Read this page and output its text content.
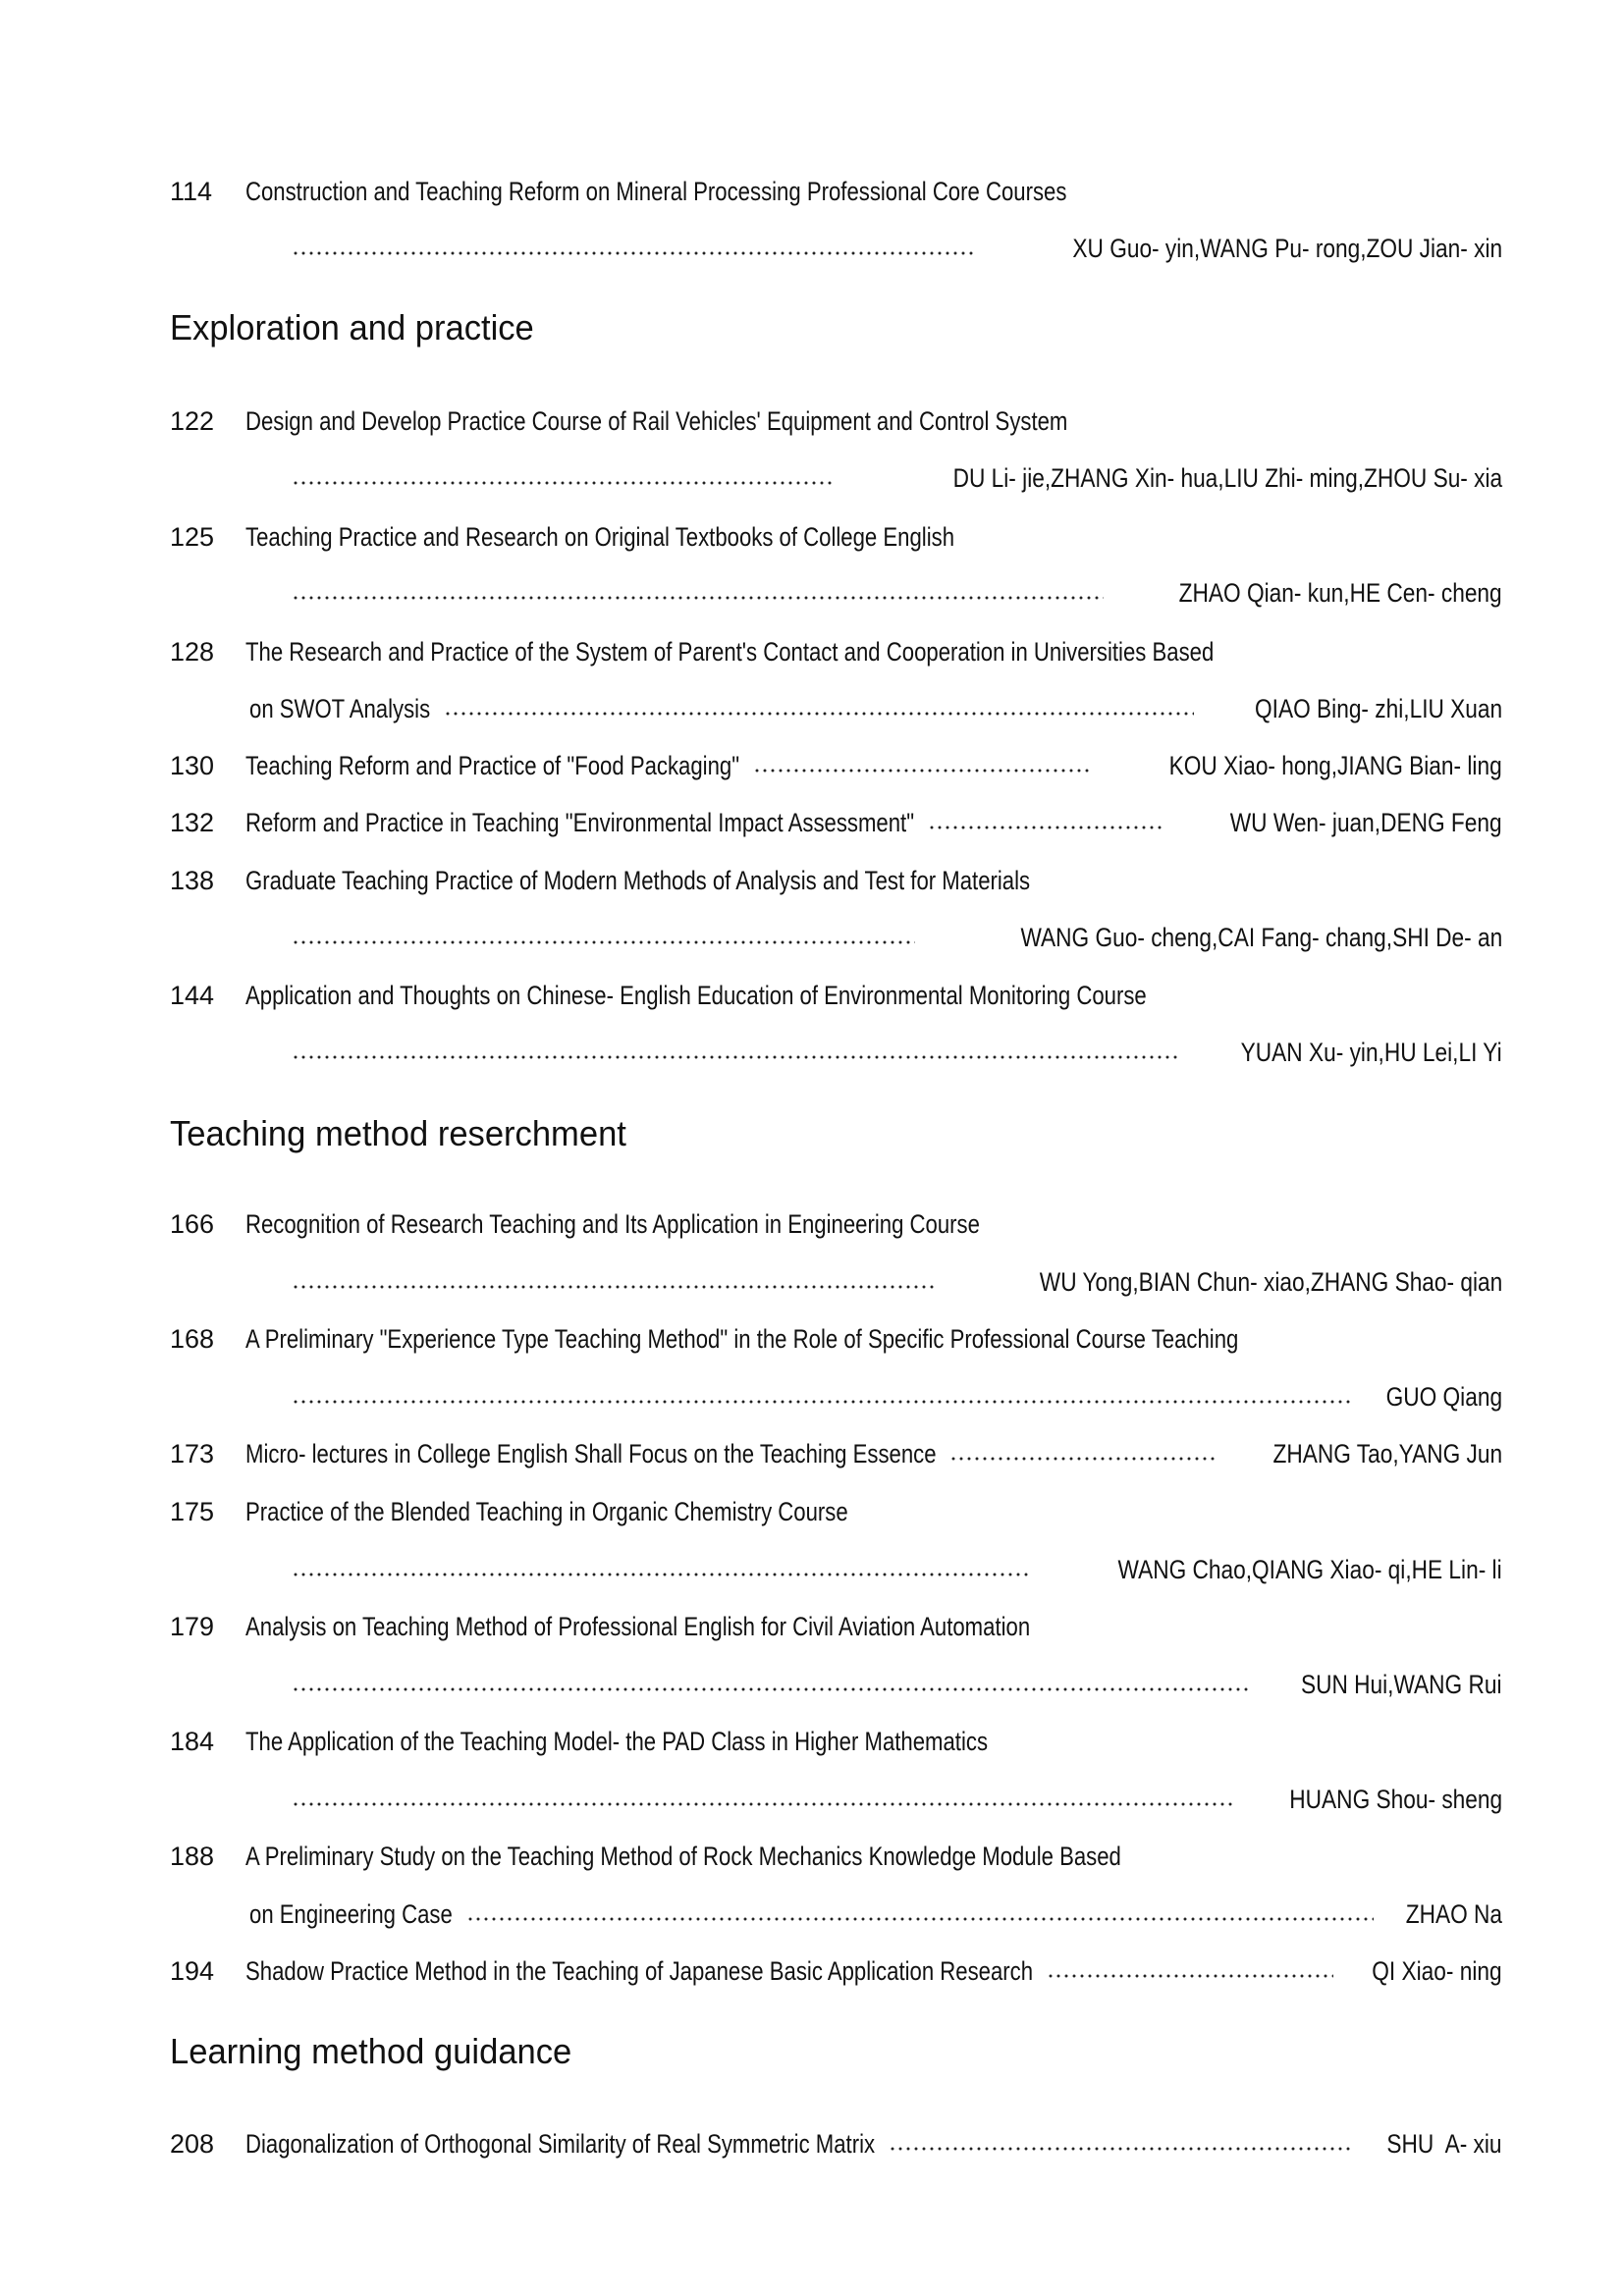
114	Construction and Teaching Reform on Mineral Processing Professional Core Courses
XU Guo- yin,WANG Pu- rong,ZOU Jian- xin
Exploration and practice
122	Design and Develop Practice Course of Rail Vehicles' Equipment and Control System
DU Li- jie,ZHANG Xin- hua,LIU Zhi- ming,ZHOU Su- xia
125	Teaching Practice and Research on Original Textbooks of College English
ZHAO Qian- kun,HE Cen- cheng
128	The Research and Practice of the System of Parent's Contact and Cooperation in Universities Based
on SWOT Analysis	QIAO Bing- zhi,LIU Xuan
130	Teaching Reform and Practice of "Food Packaging"	KOU Xiao- hong,JIANG Bian- ling
132	Reform and Practice in Teaching "Environmental Impact Assessment"	WU Wen- juan,DENG Feng
138	Graduate Teaching Practice of Modern Methods of Analysis and Test for Materials
WANG Guo- cheng,CAI Fang- chang,SHI De- an
144	Application and Thoughts on Chinese- English Education of Environmental Monitoring Course
YUAN Xu- yin,HU Lei,LI Yi
Teaching method reserchment
166	Recognition of Research Teaching and Its Application in Engineering Course
WU Yong,BIAN Chun- xiao,ZHANG Shao- qian
168	A Preliminary "Experience Type Teaching Method" in the Role of Specific Professional Course Teaching
GUO Qiang
173	Micro- lectures in College English Shall Focus on the Teaching Essence	ZHANG Tao,YANG Jun
175	Practice of the Blended Teaching in Organic Chemistry Course
WANG Chao,QIANG Xiao- qi,HE Lin- li
179	Analysis on Teaching Method of Professional English for Civil Aviation Automation
SUN Hui,WANG Rui
184	The Application of the Teaching Model- the PAD Class in Higher Mathematics
HUANG Shou- sheng
188	A Preliminary Study on the Teaching Method of Rock Mechanics Knowledge Module Based
on Engineering Case	ZHAO Na
194	Shadow Practice Method in the Teaching of Japanese Basic Application Research	QI Xiao- ning
Learning method guidance
208	Diagonalization of Orthogonal Similarity of Real Symmetric Matrix	SHU  A- xiu
